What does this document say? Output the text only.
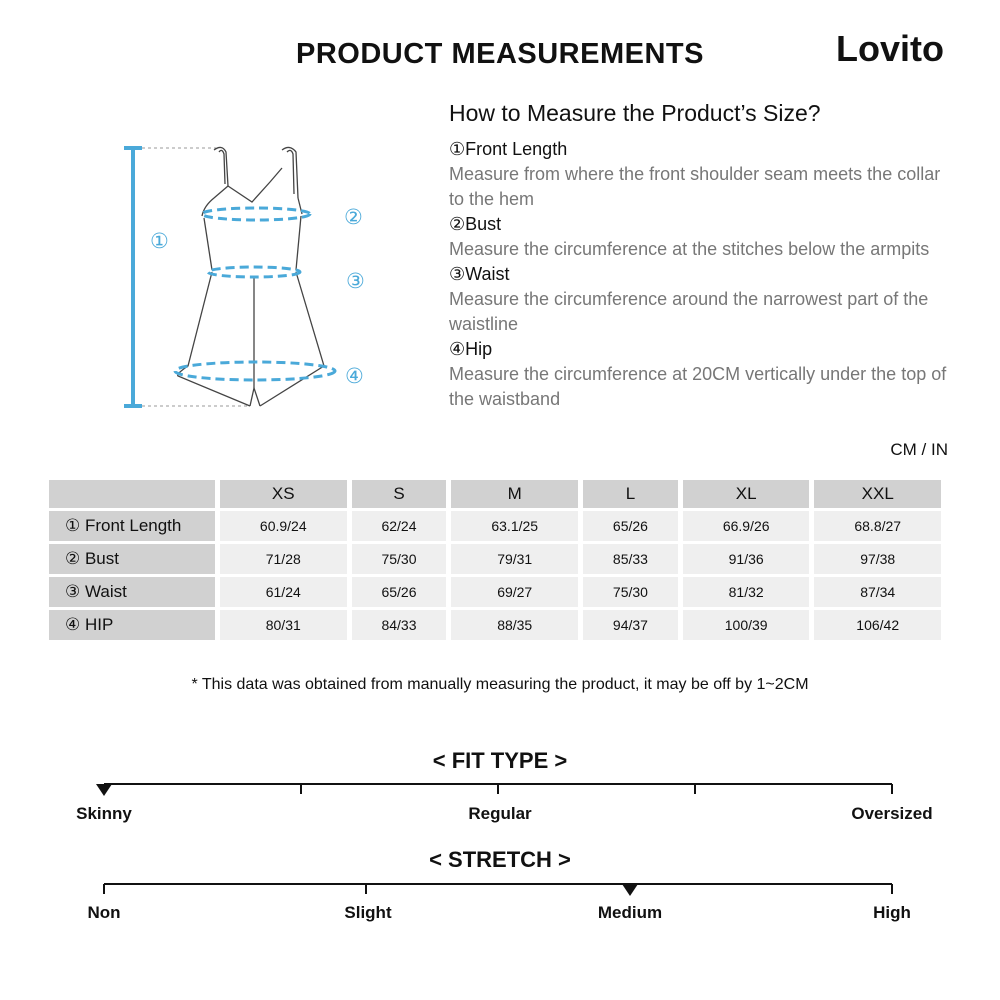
PRODUCT MEASUREMENTS	Lovito
①
②
③
④
How to Measure the Product’s Size?
①Front Length
Measure from where the front shoulder seam meets the collar to the hem
②Bust
Measure the circumference at the stitches below the armpits
③Waist
Measure the circumference around the narrowest part of the waistline
④Hip
Measure the circumference at 20CM vertically under the top of the waistband
CM / IN
	XS	S	M	L	XL	XXL
① Front Length	60.9/24	62/24	63.1/25	65/26	66.9/26	68.8/27
② Bust	71/28	75/30	79/31	85/33	91/36	97/38
③ Waist	61/24	65/26	69/27	75/30	81/32	87/34
④ HIP	80/31	84/33	88/35	94/37	100/39	106/42
* This data was obtained from manually measuring the product, it may be off by 1~2CM
< FIT TYPE >
Skinny	Regular	Oversized
< STRETCH >
Non	Slight	Medium	High
